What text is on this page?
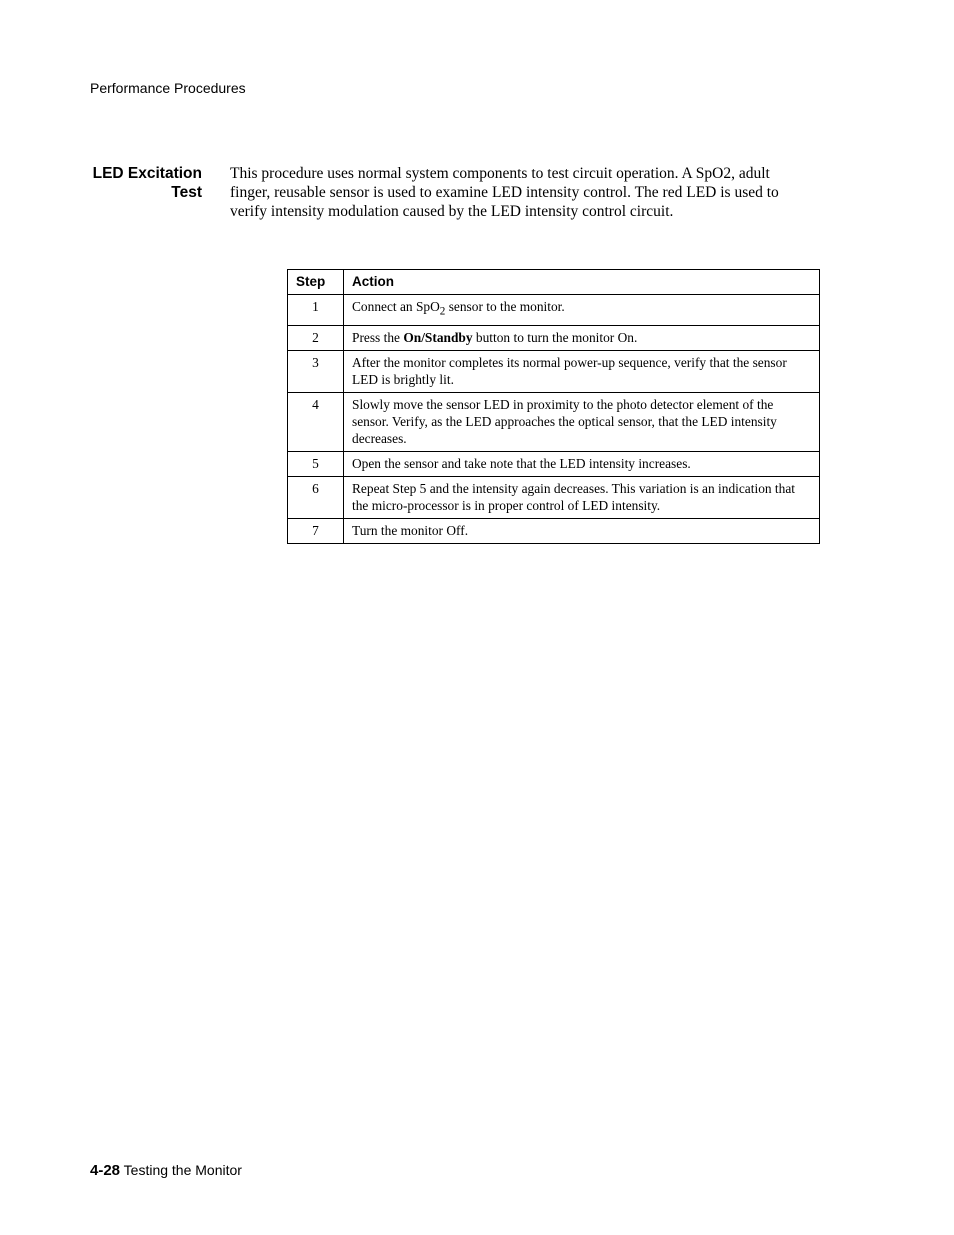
Performance Procedures
LED Excitation
Test
This procedure uses normal system components to test circuit operation. A SpO2, adult finger, reusable sensor is used to examine LED intensity control. The red LED is used to verify intensity modulation caused by the LED intensity control circuit.
Step	Action
1	Connect an SpO$_2$ sensor to the monitor.
2	Press the On/Standby button to turn the monitor On.
3	After the monitor completes its normal power-up sequence, verify that the sensor LED is brightly lit.
4	Slowly move the sensor LED in proximity to the photo detector element of the sensor. Verify, as the LED approaches the optical sensor, that the LED intensity decreases.
5	Open the sensor and take note that the LED intensity increases.
6	Repeat Step 5 and the intensity again decreases. This variation is an indication that the micro-processor is in proper control of LED intensity.
7	Turn the monitor Off.
4-28 Testing the Monitor
